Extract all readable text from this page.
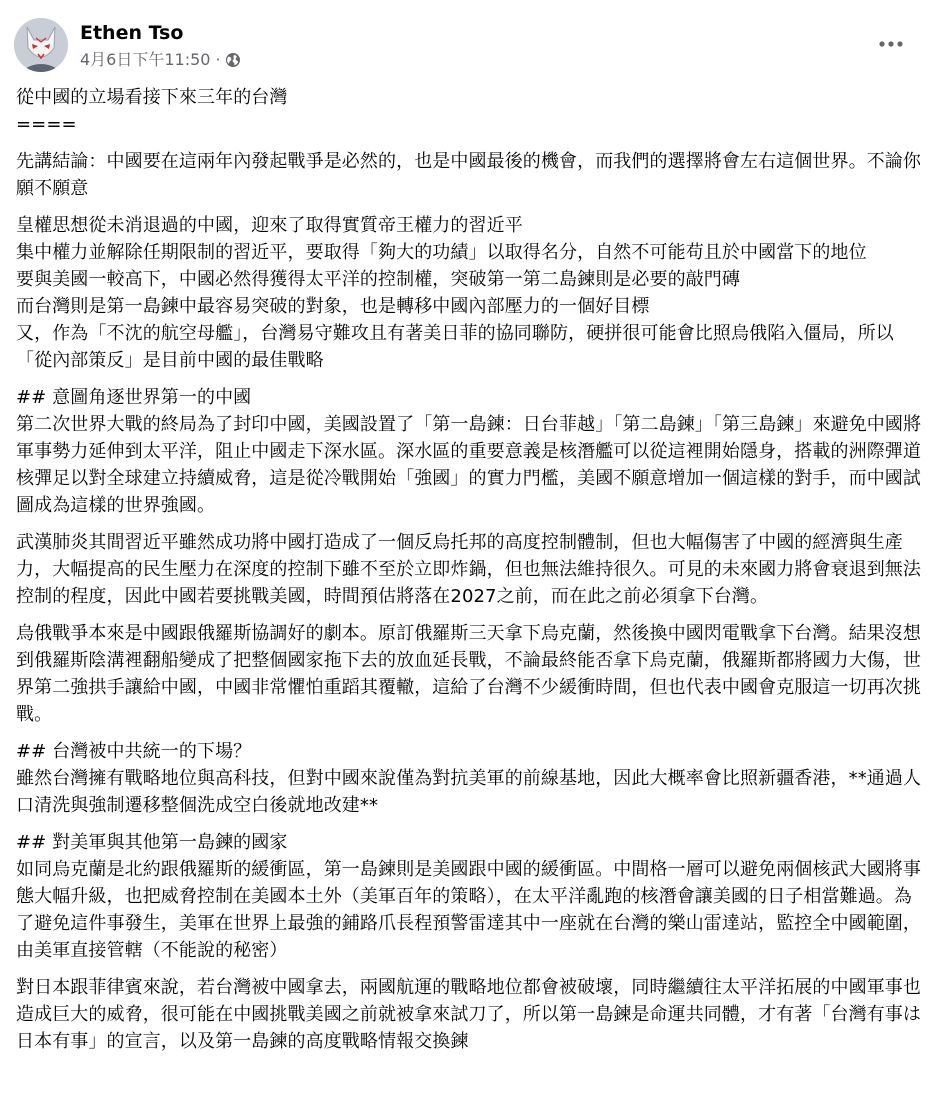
Ethen Tso
4月6日下午11:50 ·
從中國的立場看接下來三年的台灣
====
先講結論：中國要在這兩年內發起戰爭是必然的，也是中國最後的機會，而我們的選擇將會左右這個世界。不論你願不願意
皇權思想從未消退過的中國，迎來了取得實質帝王權力的習近平
集中權力並解除任期限制的習近平，要取得「夠大的功績」以取得名分，自然不可能苟且於中國當下的地位
要與美國一較高下，中國必然得獲得太平洋的控制權，突破第一第二島鍊則是必要的敲門磚
而台灣則是第一島鍊中最容易突破的對象，也是轉移中國內部壓力的一個好目標
又，作為「不沈的航空母艦」，台灣易守難攻且有著美日菲的協同聯防，硬拼很可能會比照烏俄陷入僵局，所以「從內部策反」是目前中國的最佳戰略
## 意圖角逐世界第一的中國
第二次世界大戰的終局為了封印中國，美國設置了「第一島鍊：日台菲越」「第二島鍊」「第三島鍊」來避免中國將軍事勢力延伸到太平洋，阻止中國走下深水區。深水區的重要意義是核潛艦可以從這裡開始隱身，搭載的洲際彈道核彈足以對全球建立持續威脅，這是從冷戰開始「強國」的實力門檻，美國不願意增加一個這樣的對手，而中國試圖成為這樣的世界強國。
武漢肺炎其間習近平雖然成功將中國打造成了一個反烏托邦的高度控制體制，但也大幅傷害了中國的經濟與生產力，大幅提高的民生壓力在深度的控制下雖不至於立即炸鍋，但也無法維持很久。可見的未來國力將會衰退到無法控制的程度，因此中國若要挑戰美國，時間預估將落在2027之前，而在此之前必須拿下台灣。
烏俄戰爭本來是中國跟俄羅斯協調好的劇本。原訂俄羅斯三天拿下烏克蘭，然後換中國閃電戰拿下台灣。結果沒想到俄羅斯陰溝裡翻船變成了把整個國家拖下去的放血延長戰，不論最終能否拿下烏克蘭，俄羅斯都將國力大傷，世界第二強拱手讓給中國，中國非常懼怕重蹈其覆轍，這給了台灣不少緩衝時間，但也代表中國會克服這一切再次挑戰。
## 台灣被中共統一的下場？
雖然台灣擁有戰略地位與高科技，但對中國來說僅為對抗美軍的前線基地，因此大概率會比照新疆香港，**通過人口清洗與強制遷移整個洗成空白後就地改建**
## 對美軍與其他第一島鍊的國家
如同烏克蘭是北約跟俄羅斯的緩衝區，第一島鍊則是美國跟中國的緩衝區。中間格一層可以避免兩個核武大國將事態大幅升級，也把威脅控制在美國本土外（美軍百年的策略），在太平洋亂跑的核潛會讓美國的日子相當難過。為了避免這件事發生，美軍在世界上最強的鋪路爪長程預警雷達其中一座就在台灣的樂山雷達站，監控全中國範圍，由美軍直接管轄（不能說的秘密）
對日本跟菲律賓來說，若台灣被中國拿去，兩國航運的戰略地位都會被破壞，同時繼續往太平洋拓展的中國軍事也造成巨大的威脅，很可能在中國挑戰美國之前就被拿來試刀了，所以第一島鍊是命運共同體，才有著「台灣有事は日本有事」的宣言，以及第一島鍊的高度戰略情報交換鍊
